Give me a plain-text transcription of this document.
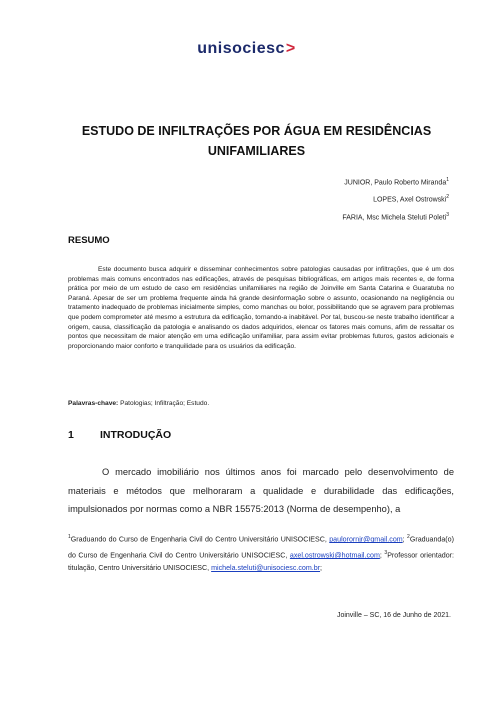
unisociesc>
ESTUDO DE INFILTRAÇÕES POR ÁGUA EM RESIDÊNCIAS
UNIFAMILIARES
JUNIOR, Paulo Roberto Miranda$^1$
LOPES, Axel Ostrowski$^2$
FARIA, Msc Michela Steluti Poleti$^3$
RESUMO

Este documento busca adquirir e disseminar conhecimentos sobre patologias causadas por infiltrações, que é um dos problemas mais comuns encontrados nas edificações, através de pesquisas bibliográficas, em artigos mais recentes e, de forma prática por meio de um estudo de caso em residências unifamiliares na região de Joinville em Santa Catarina e Guaratuba no Paraná. Apesar de ser um problema frequente ainda há grande desinformação sobre o assunto, ocasionando na negligência ou tratamento inadequado de problemas inicialmente simples, como manchas ou bolor, possibilitando que se agravem para problemas que podem comprometer até mesmo a estrutura da edificação, tornando-a inabitável. Por tal, buscou-se neste trabalho identificar a origem, causa, classificação da patologia e analisando os dados adquiridos, elencar os fatores mais comuns, afim de ressaltar os pontos que necessitam de maior atenção em uma edificação unifamiliar, para assim evitar problemas futuros, gastos adicionais e proporcionando maior conforto e tranquilidade para os usuários da edificação.

Palavras-chave: Patologias; Infiltração; Estudo.
1 INTRODUÇÃO

O mercado imobiliário nos últimos anos foi marcado pelo desenvolvimento de materiais e métodos que melhoraram a qualidade e durabilidade das edificações, impulsionados por normas como a NBR 15575:2013 (Norma de desempenho), a

$^1$Graduando do Curso de Engenharia Civil do Centro Universitário UNISOCIESC, paulorornjr@gmail.com; $^2$Graduanda(o) do Curso de Engenharia Civil do Centro Universitário UNISOCIESC, axel.ostrowski@hotmail.com; $^3$Professor orientador: titulação, Centro Universitário UNISOCIESC, michela.steluti@unisociesc.com.br;

Joinville – SC, 16 de Junho de 2021.
